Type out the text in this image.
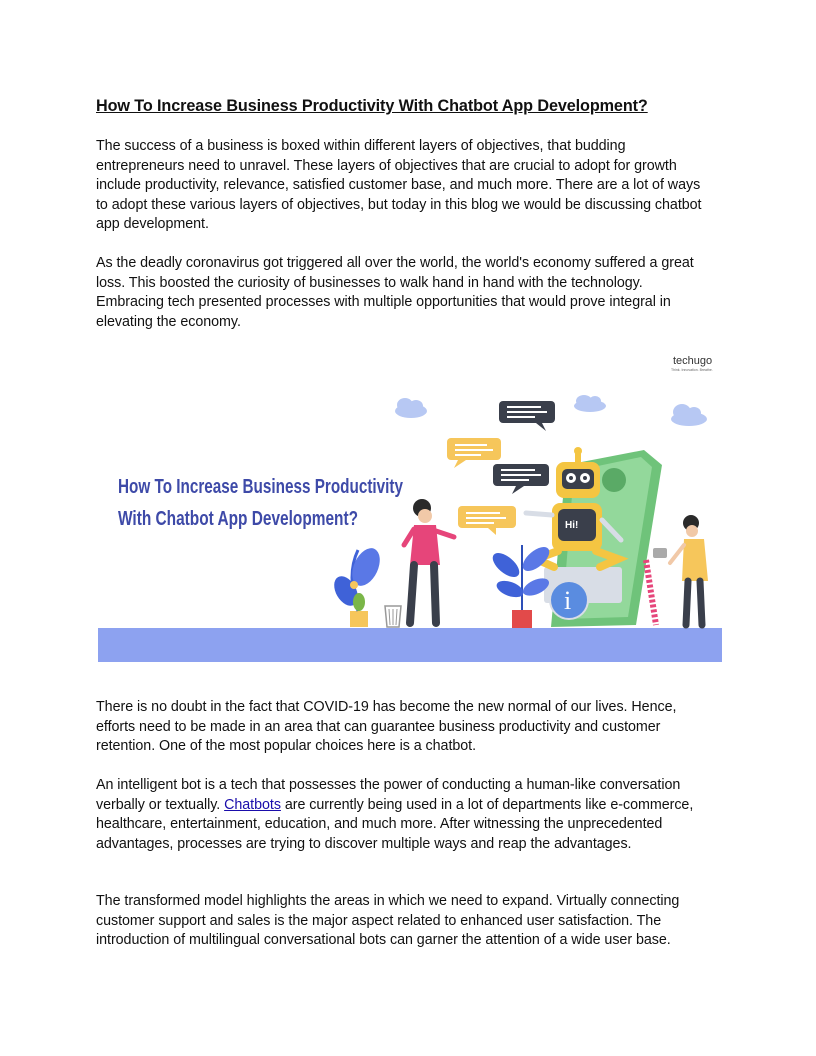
How To Increase Business Productivity With Chatbot App Development?

The success of a business is boxed within different layers of objectives, that budding entrepreneurs need to unravel. These layers of objectives that are crucial to adopt for growth include productivity, relevance, satisfied customer base, and much more. There are a lot of ways to adopt these various layers of objectives, but today in this blog we would be discussing chatbot app development.

As the deadly coronavirus got triggered all over the world, the world's economy suffered a great loss. This boosted the curiosity of businesses to walk hand in hand with the technology. Embracing tech presented processes with multiple opportunities that would prove integral in elevating the economy.

There is no doubt in the fact that COVID-19 has become the new normal of our lives. Hence, efforts need to be made in an area that can guarantee business productivity and customer retention. One of the most popular choices here is a chatbot.

An intelligent bot is a tech that possesses the power of conducting a human-like conversation verbally or textually. Chatbots are currently being used in a lot of departments like e-commerce, healthcare, entertainment, education, and much more. After witnessing the unprecedented advantages, processes are trying to discover multiple ways and reap the advantages.

The transformed model highlights the areas in which we need to expand. Virtually connecting customer support and sales is the major aspect related to enhanced user satisfaction. The introduction of multilingual conversational bots can garner the attention of a wide user base.

techugo
Think. Innovation. Breathe.
How To Increase Business Productivity
With Chatbot App Development?
i
Hi!
